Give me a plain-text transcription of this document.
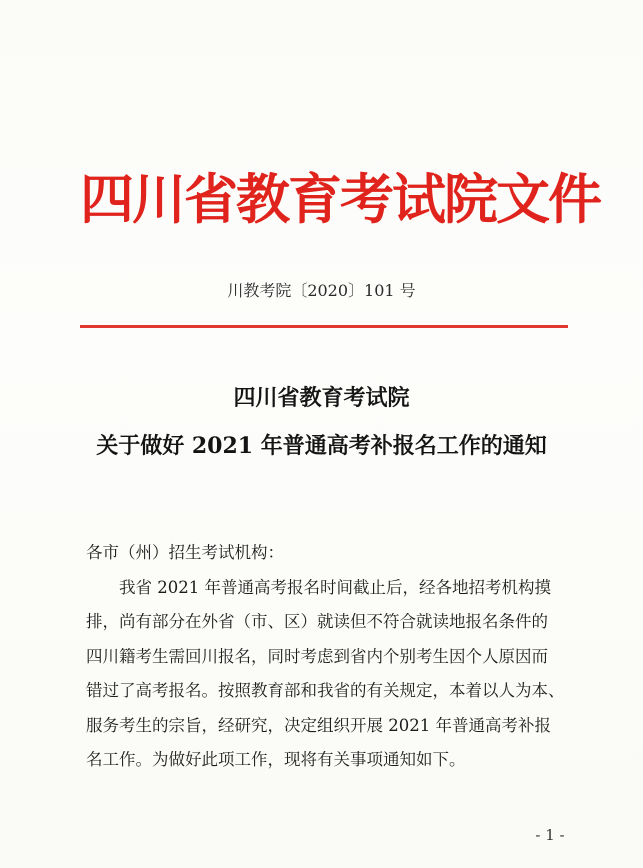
四川省教育考试院文件
川教考院〔2020〕101 号
四川省教育考试院
关于做好 2021 年普通高考补报名工作的通知
各市（州）招生考试机构：
我省 2021 年普通高考报名时间截止后，经各地招考机构摸
排，尚有部分在外省（市、区）就读但不符合就读地报名条件的
四川籍考生需回川报名，同时考虑到省内个别考生因个人原因而
错过了高考报名。按照教育部和我省的有关规定，本着以人为本、
服务考生的宗旨，经研究，决定组织开展 2021 年普通高考补报
名工作。为做好此项工作，现将有关事项通知如下。
- 1 -
